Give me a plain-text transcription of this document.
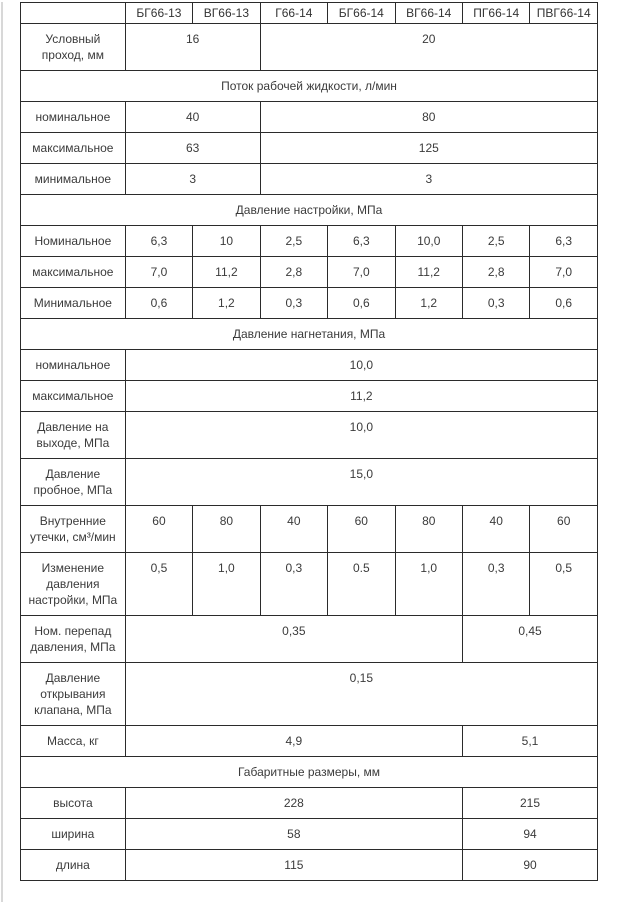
	БГ66-13	ВГ66-13	Г66-14	БГ66-14	ВГ66-14	ПГ66-14	ПВГ66-14
Условный проход, мм	16		20				
Поток рабочей жидкости, л/мин							
номинальное	40		80				
максимальное	63		125				
минимальное	3		3				
Давление настройки, МПа							
Номинальное	6,3	10	2,5	6,3	10,0	2,5	6,3
максимальное	7,0	11,2	2,8	7,0	11,2	2,8	7,0
Минимальное	0,6	1,2	0,3	0,6	1,2	0,3	0,6
Давление нагнетания, МПа							
номинальное	10,0						
максимальное	11,2						
Давление на выходе, МПа	10,0						
Давление пробное, МПа	15,0						
Внутренние утечки, см³/мин	60	80	40	60	80	40	60
Изменение давления настройки, МПа	0,5	1,0	0,3	0.5	1,0	0,3	0,5
Ном. перепад давления, МПа	0,35					0,45	
Давление открывания клапана, МПа	0,15						
Масса, кг	4,9					5,1	
Габаритные размеры, мм							
высота	228					215	
ширина	58					94	
длина	115					90	
